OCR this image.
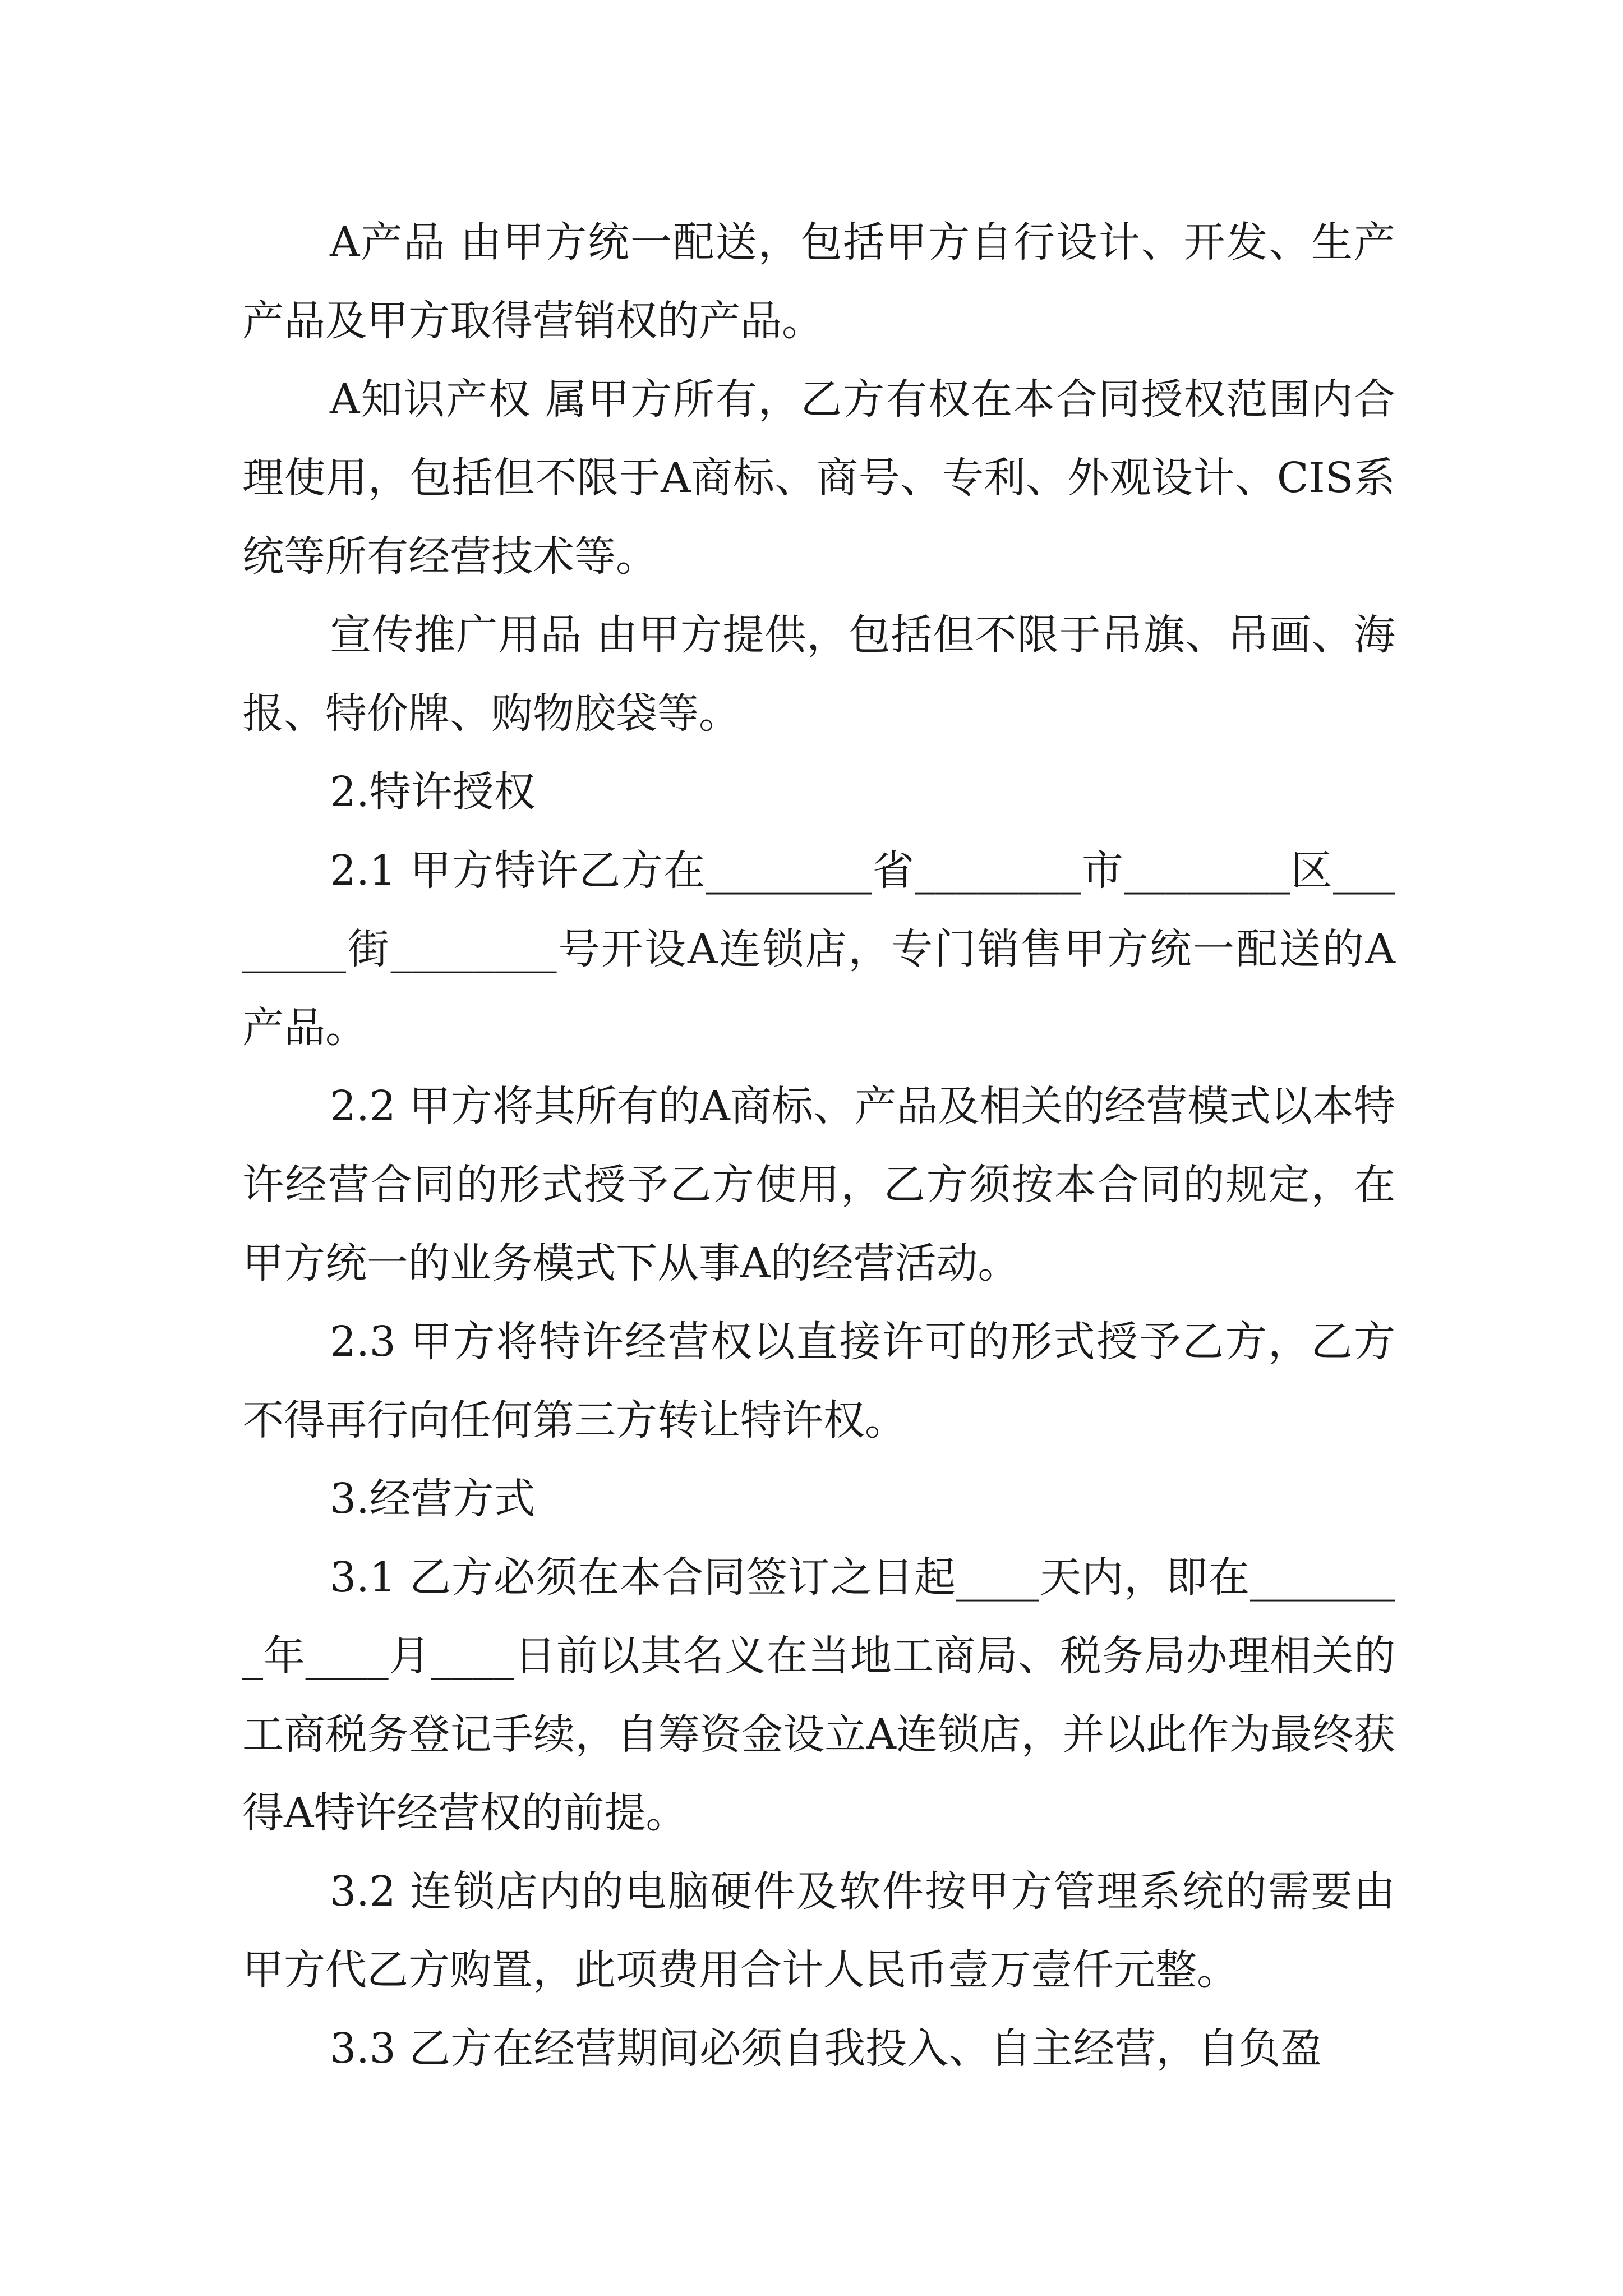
A产品 由甲方统一配送，包括甲方自行设计、开发、生产产品及甲方取得营销权的产品。

A知识产权 属甲方所有，乙方有权在本合同授权范围内合理使用，包括但不限于A商标、商号、专利、外观设计、CIS系统等所有经营技术等。

宣传推广用品 由甲方提供，包括但不限于吊旗、吊画、海报、特价牌、购物胶袋等。

2.特许授权

2.1 甲方特许乙方在________省________市________区________街________号开设A连锁店，专门销售甲方统一配送的A产品。

2.2 甲方将其所有的A商标、产品及相关的经营模式以本特许经营合同的形式授予乙方使用，乙方须按本合同的规定，在甲方统一的业务模式下从事A的经营活动。

2.3 甲方将特许经营权以直接许可的形式授予乙方，乙方不得再行向任何第三方转让特许权。

3.经营方式

3.1 乙方必须在本合同签订之日起____天内，即在________年____月____日前以其名义在当地工商局、税务局办理相关的工商税务登记手续，自筹资金设立A连锁店，并以此作为最终获得A特许经营权的前提。

3.2 连锁店内的电脑硬件及软件按甲方管理系统的需要由甲方代乙方购置，此项费用合计人民币壹万壹仟元整。

3.3 乙方在经营期间必须自我投入、自主经营，自负盈
